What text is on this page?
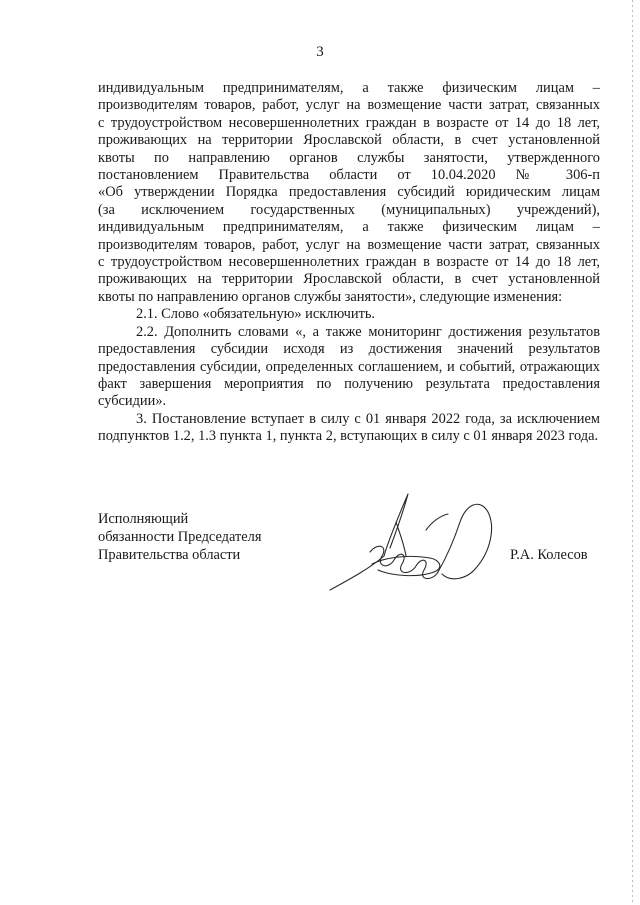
3

индивидуальным предпринимателям, а также физическим лицам –
производителям товаров, работ, услуг на возмещение части затрат, связанных
с трудоустройством несовершеннолетних граждан в возрасте от 14 до 18 лет,
проживающих на территории Ярославской области, в счет установленной
квоты по направлению органов службы занятости, утвержденного
постановлением Правительства области от 10.04.2020 № 306-п
«Об утверждении Порядка предоставления субсидий юридическим лицам
(за исключением государственных (муниципальных) учреждений),
индивидуальным предпринимателям, а также физическим лицам –
производителям товаров, работ, услуг на возмещение части затрат, связанных
с трудоустройством несовершеннолетних граждан в возрасте от 14 до 18 лет,
проживающих на территории Ярославской области, в счет установленной
квоты по направлению органов службы занятости», следующие изменения:

2.1. Слово «обязательную» исключить.

2.2. Дополнить словами «, а также мониторинг достижения результатов предоставления субсидии исходя из достижения значений результатов предоставления субсидии, определенных соглашением, и событий, отражающих факт завершения мероприятия по получению результата предоставления субсидии».

3. Постановление вступает в силу с 01 января 2022 года, за исключением подпунктов 1.2, 1.3 пункта 1, пункта 2, вступающих в силу с 01 января 2023 года.

Исполняющий
обязанности Председателя
Правительства области	Р.А. Колесов
